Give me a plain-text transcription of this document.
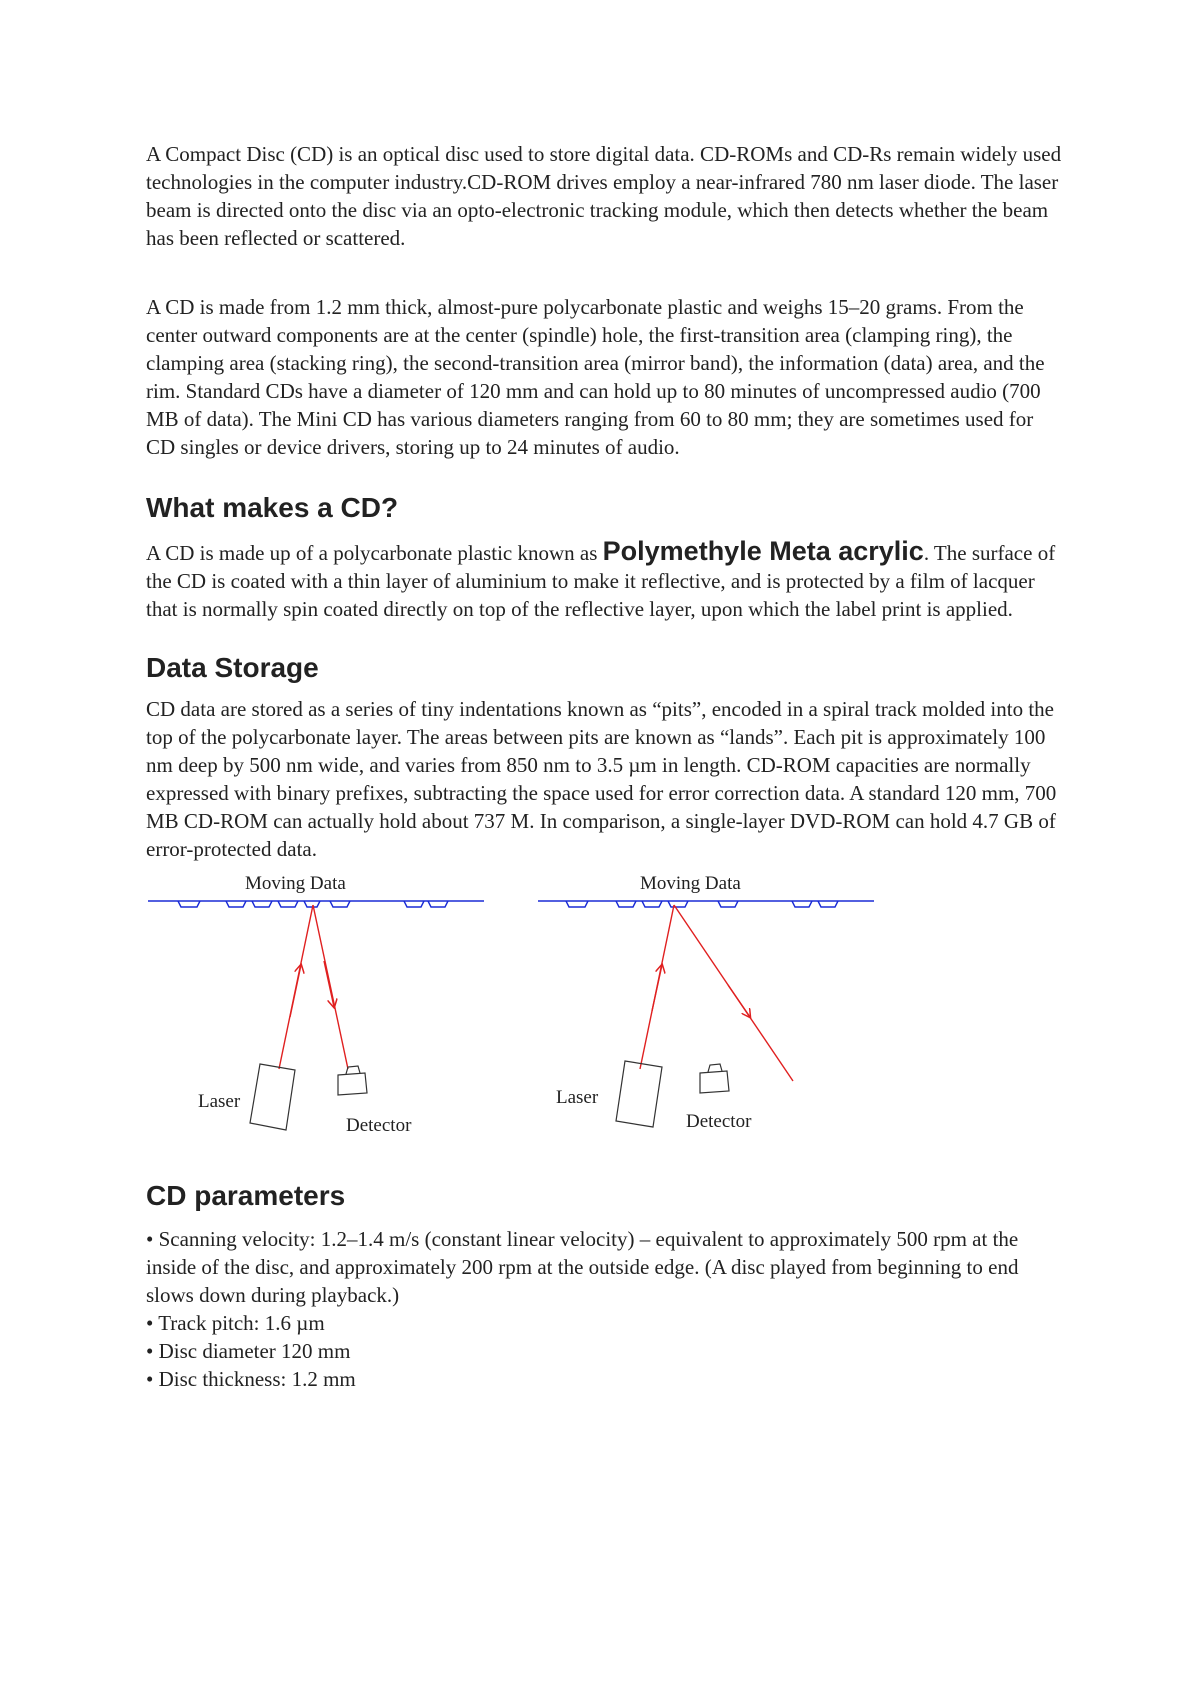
A Compact Disc (CD) is an optical disc used to store digital data. CD-ROMs and CD-Rs remain widely used technologies in the computer industry.CD-ROM drives employ a near-infrared 780 nm laser diode. The laser beam is directed onto the disc via an opto-electronic tracking module, which then detects whether the beam has been reflected or scattered.

A CD is made from 1.2 mm thick, almost-pure polycarbonate plastic and weighs 15–20 grams. From the center outward components are at the center (spindle) hole, the first-transition area (clamping ring), the clamping area (stacking ring), the second-transition area (mirror band), the information (data) area, and the rim. Standard CDs have a diameter of 120 mm and can hold up to 80 minutes of uncompressed audio (700 MB of data). The Mini CD has various diameters ranging from 60 to 80 mm; they are sometimes used for CD singles or device drivers, storing up to 24 minutes of audio.

What makes a CD?

A CD is made up of a polycarbonate plastic known as Polymethyle Meta acrylic. The surface of the CD is coated with a thin layer of aluminium to make it reflective, and is protected by a film of lacquer that is normally spin coated directly on top of the reflective layer, upon which the label print is applied.

Data Storage

CD data are stored as a series of tiny indentations known as “pits”, encoded in a spiral track molded into the top of the polycarbonate layer. The areas between pits are known as “lands”. Each pit is approximately 100 nm deep by 500 nm wide, and varies from 850 nm to 3.5 µm in length. CD-ROM capacities are normally expressed with binary prefixes, subtracting the space used for error correction data. A standard 120 mm, 700 MB CD-ROM can actually hold about 737 M. In comparison, a single-layer DVD-ROM can hold 4.7 GB of error-protected data.

Moving Data
Laser
Detector
Moving Data
Laser
Detector
CD parameters

• Scanning velocity: 1.2–1.4 m/s (constant linear velocity) – equivalent to approximately 500 rpm at the inside of the disc, and approximately 200 rpm at the outside edge. (A disc played from beginning to end slows down during playback.)

• Track pitch: 1.6 µm

• Disc diameter 120 mm

• Disc thickness: 1.2 mm
